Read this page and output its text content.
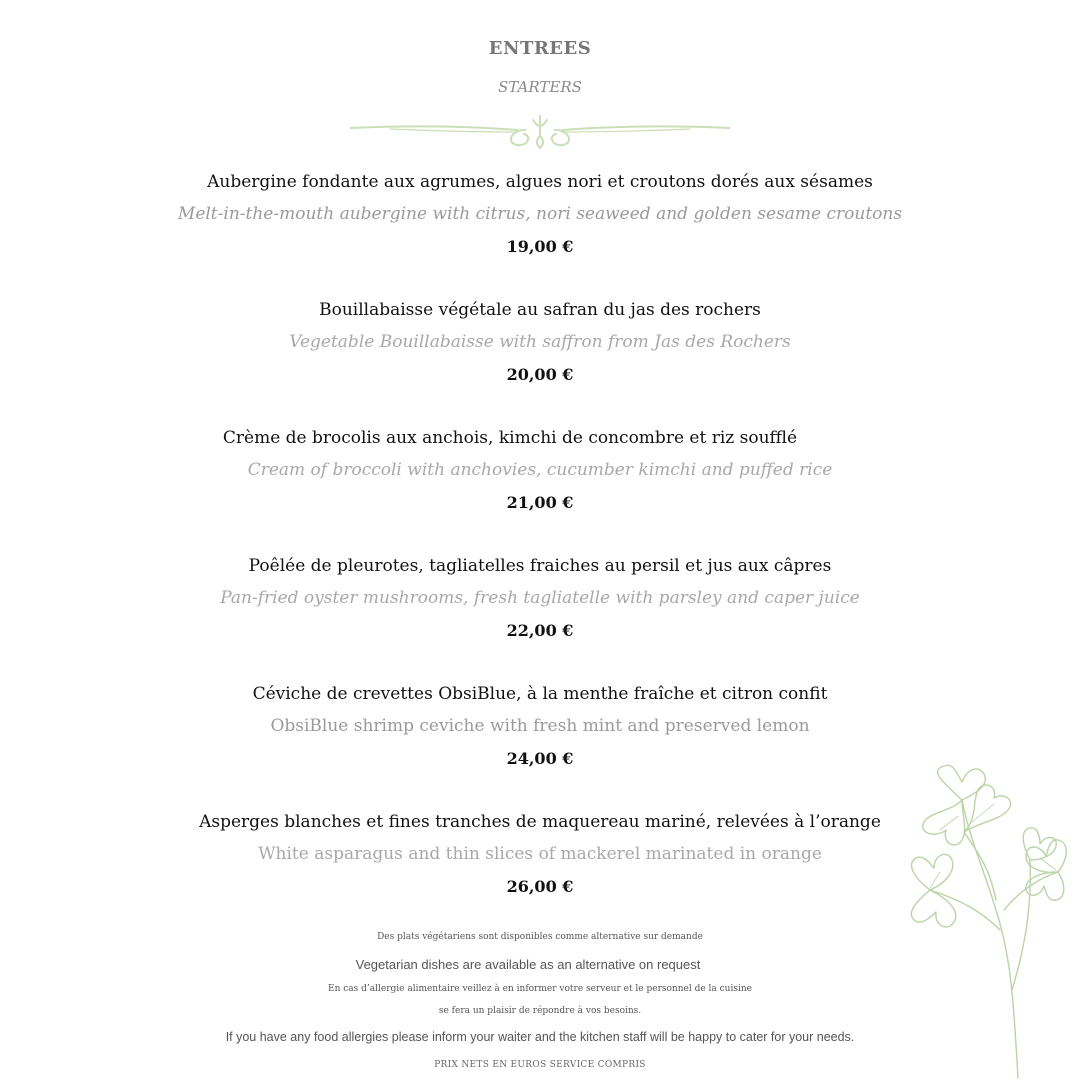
ENTREES
STARTERS
Aubergine fondante aux agrumes, algues nori et croutons dorés aux sésames
Melt-in-the-mouth aubergine with citrus, nori seaweed and golden sesame croutons
19,00 €
Bouillabaisse végétale au safran du jas des rochers
Vegetable Bouillabaisse with saffron from Jas des Rochers
20,00 €
Crème de brocolis aux anchois, kimchi de concombre et riz soufflé
Cream of broccoli with anchovies, cucumber kimchi and puffed rice
21,00 €
Poêlée de pleurotes, tagliatelles fraiches au persil et jus aux câpres
Pan-fried oyster mushrooms, fresh tagliatelle with parsley and caper juice
22,00 €
Céviche de crevettes ObsiBlue, à la menthe fraîche et citron confit
ObsiBlue shrimp ceviche with fresh mint and preserved lemon
24,00 €
Asperges blanches et fines tranches de maquereau mariné, relevées à l’orange
White asparagus and thin slices of mackerel marinated in orange
26,00 €
Des plats végétariens sont disponibles comme alternative sur demande
Vegetarian dishes are available as an alternative on request
En cas d’allergie alimentaire veillez à en informer votre serveur et le personnel de la cuisine
se fera un plaisir de répondre à vos besoins.
If you have any food allergies please inform your waiter and the kitchen staff will be happy to cater for your needs.
PRIX NETS EN EUROS SERVICE COMPRIS
